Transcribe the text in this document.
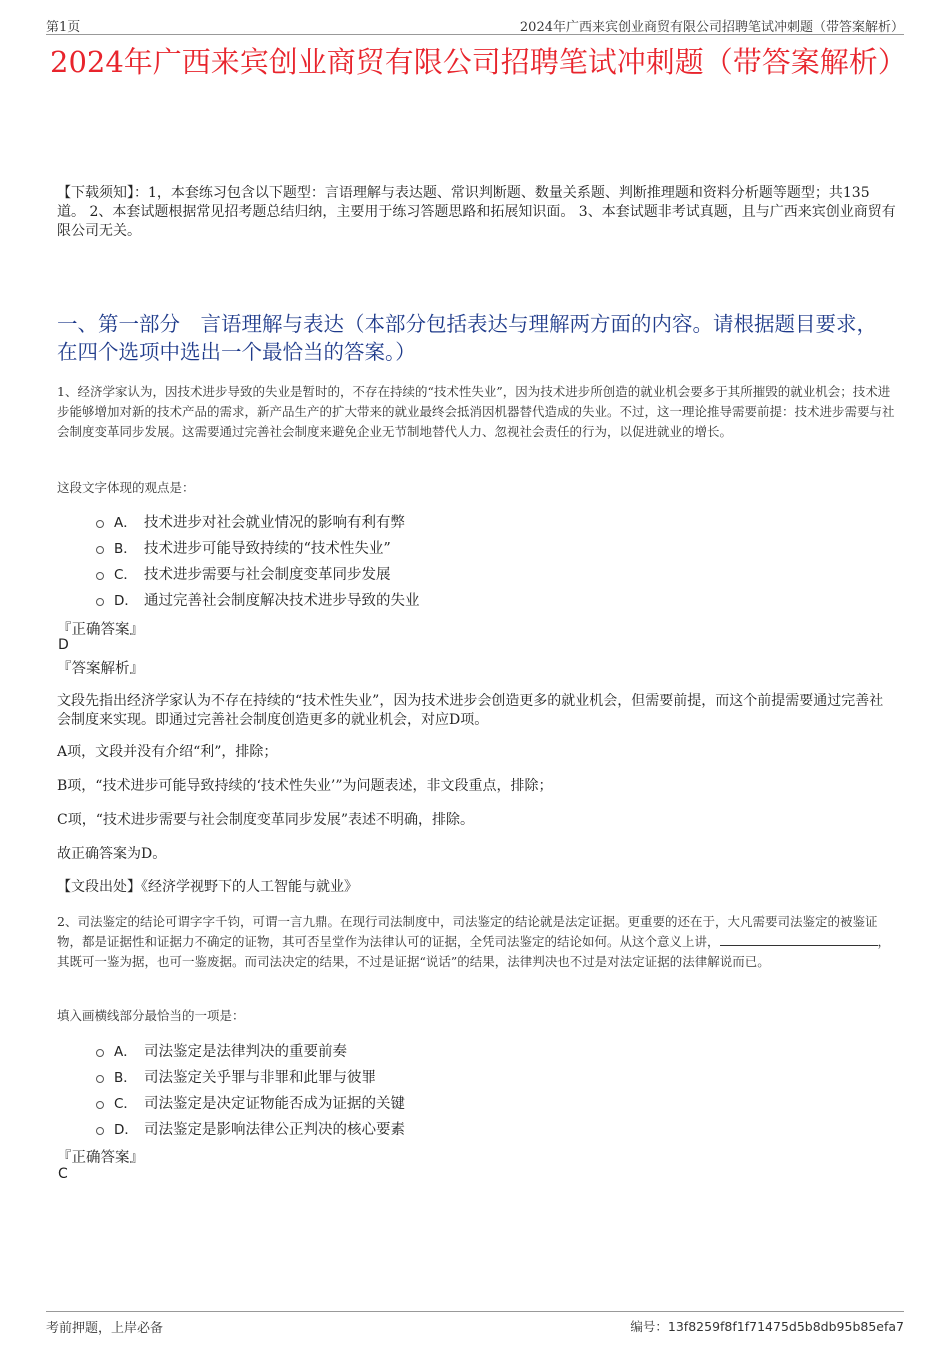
第1页	2024年广西来宾创业商贸有限公司招聘笔试冲刺题（带答案解析）
2024年广西来宾创业商贸有限公司招聘笔试冲刺题（带答案解析）
【下载须知】：1，本套练习包含以下题型：言语理解与表达题、常识判断题、数量关系题、判断推理题和资料分析题等题型；共135道。 2、本套试题根据常见招考题总结归纳，主要用于练习答题思路和拓展知识面。 3、本套试题非考试真题，且与广西来宾创业商贸有限公司无关。
一、第一部分　言语理解与表达（本部分包括表达与理解两方面的内容。请根据题目要求，在四个选项中选出一个最恰当的答案。）
1、经济学家认为，因技术进步导致的失业是暂时的，不存在持续的“技术性失业”，因为技术进步所创造的就业机会要多于其所摧毁的就业机会；技术进步能够增加对新的技术产品的需求，新产品生产的扩大带来的就业最终会抵消因机器替代造成的失业。不过，这一理论推导需要前提：技术进步需要与社会制度变革同步发展。这需要通过完善社会制度来避免企业无节制地替代人力、忽视社会责任的行为，以促进就业的增长。
这段文字体现的观点是：
A． 技术进步对社会就业情况的影响有利有弊
B． 技术进步可能导致持续的“技术性失业”
C． 技术进步需要与社会制度变革同步发展
D． 通过完善社会制度解决技术进步导致的失业
『正确答案』
D
『答案解析』
文段先指出经济学家认为不存在持续的“技术性失业”，因为技术进步会创造更多的就业机会，但需要前提，而这个前提需要通过完善社会制度来实现。即通过完善社会制度创造更多的就业机会，对应D项。
A项，文段并没有介绍“利”，排除；
B项，“技术进步可能导致持续的‘技术性失业’”为问题表述，非文段重点，排除；
C项，“技术进步需要与社会制度变革同步发展”表述不明确，排除。
故正确答案为D。
【文段出处】《经济学视野下的人工智能与就业》
2、司法鉴定的结论可谓字字千钧，可谓一言九鼎。在现行司法制度中，司法鉴定的结论就是法定证据。更重要的还在于，大凡需要司法鉴定的被鉴证物，都是证据性和证据力不确定的证物，其可否呈堂作为法律认可的证据，全凭司法鉴定的结论如何。从这个意义上讲，	，其既可一鉴为据，也可一鉴废据。而司法决定的结果，不过是证据“说话”的结果，法律判决也不过是对法定证据的法律解说而已。
填入画横线部分最恰当的一项是：
A． 司法鉴定是法律判决的重要前奏
B． 司法鉴定关乎罪与非罪和此罪与彼罪
C． 司法鉴定是决定证物能否成为证据的关键
D． 司法鉴定是影响法律公正判决的核心要素
『正确答案』
C
考前押题，上岸必备	编号：13f8259f8f1f71475d5b8db95b85efa7
